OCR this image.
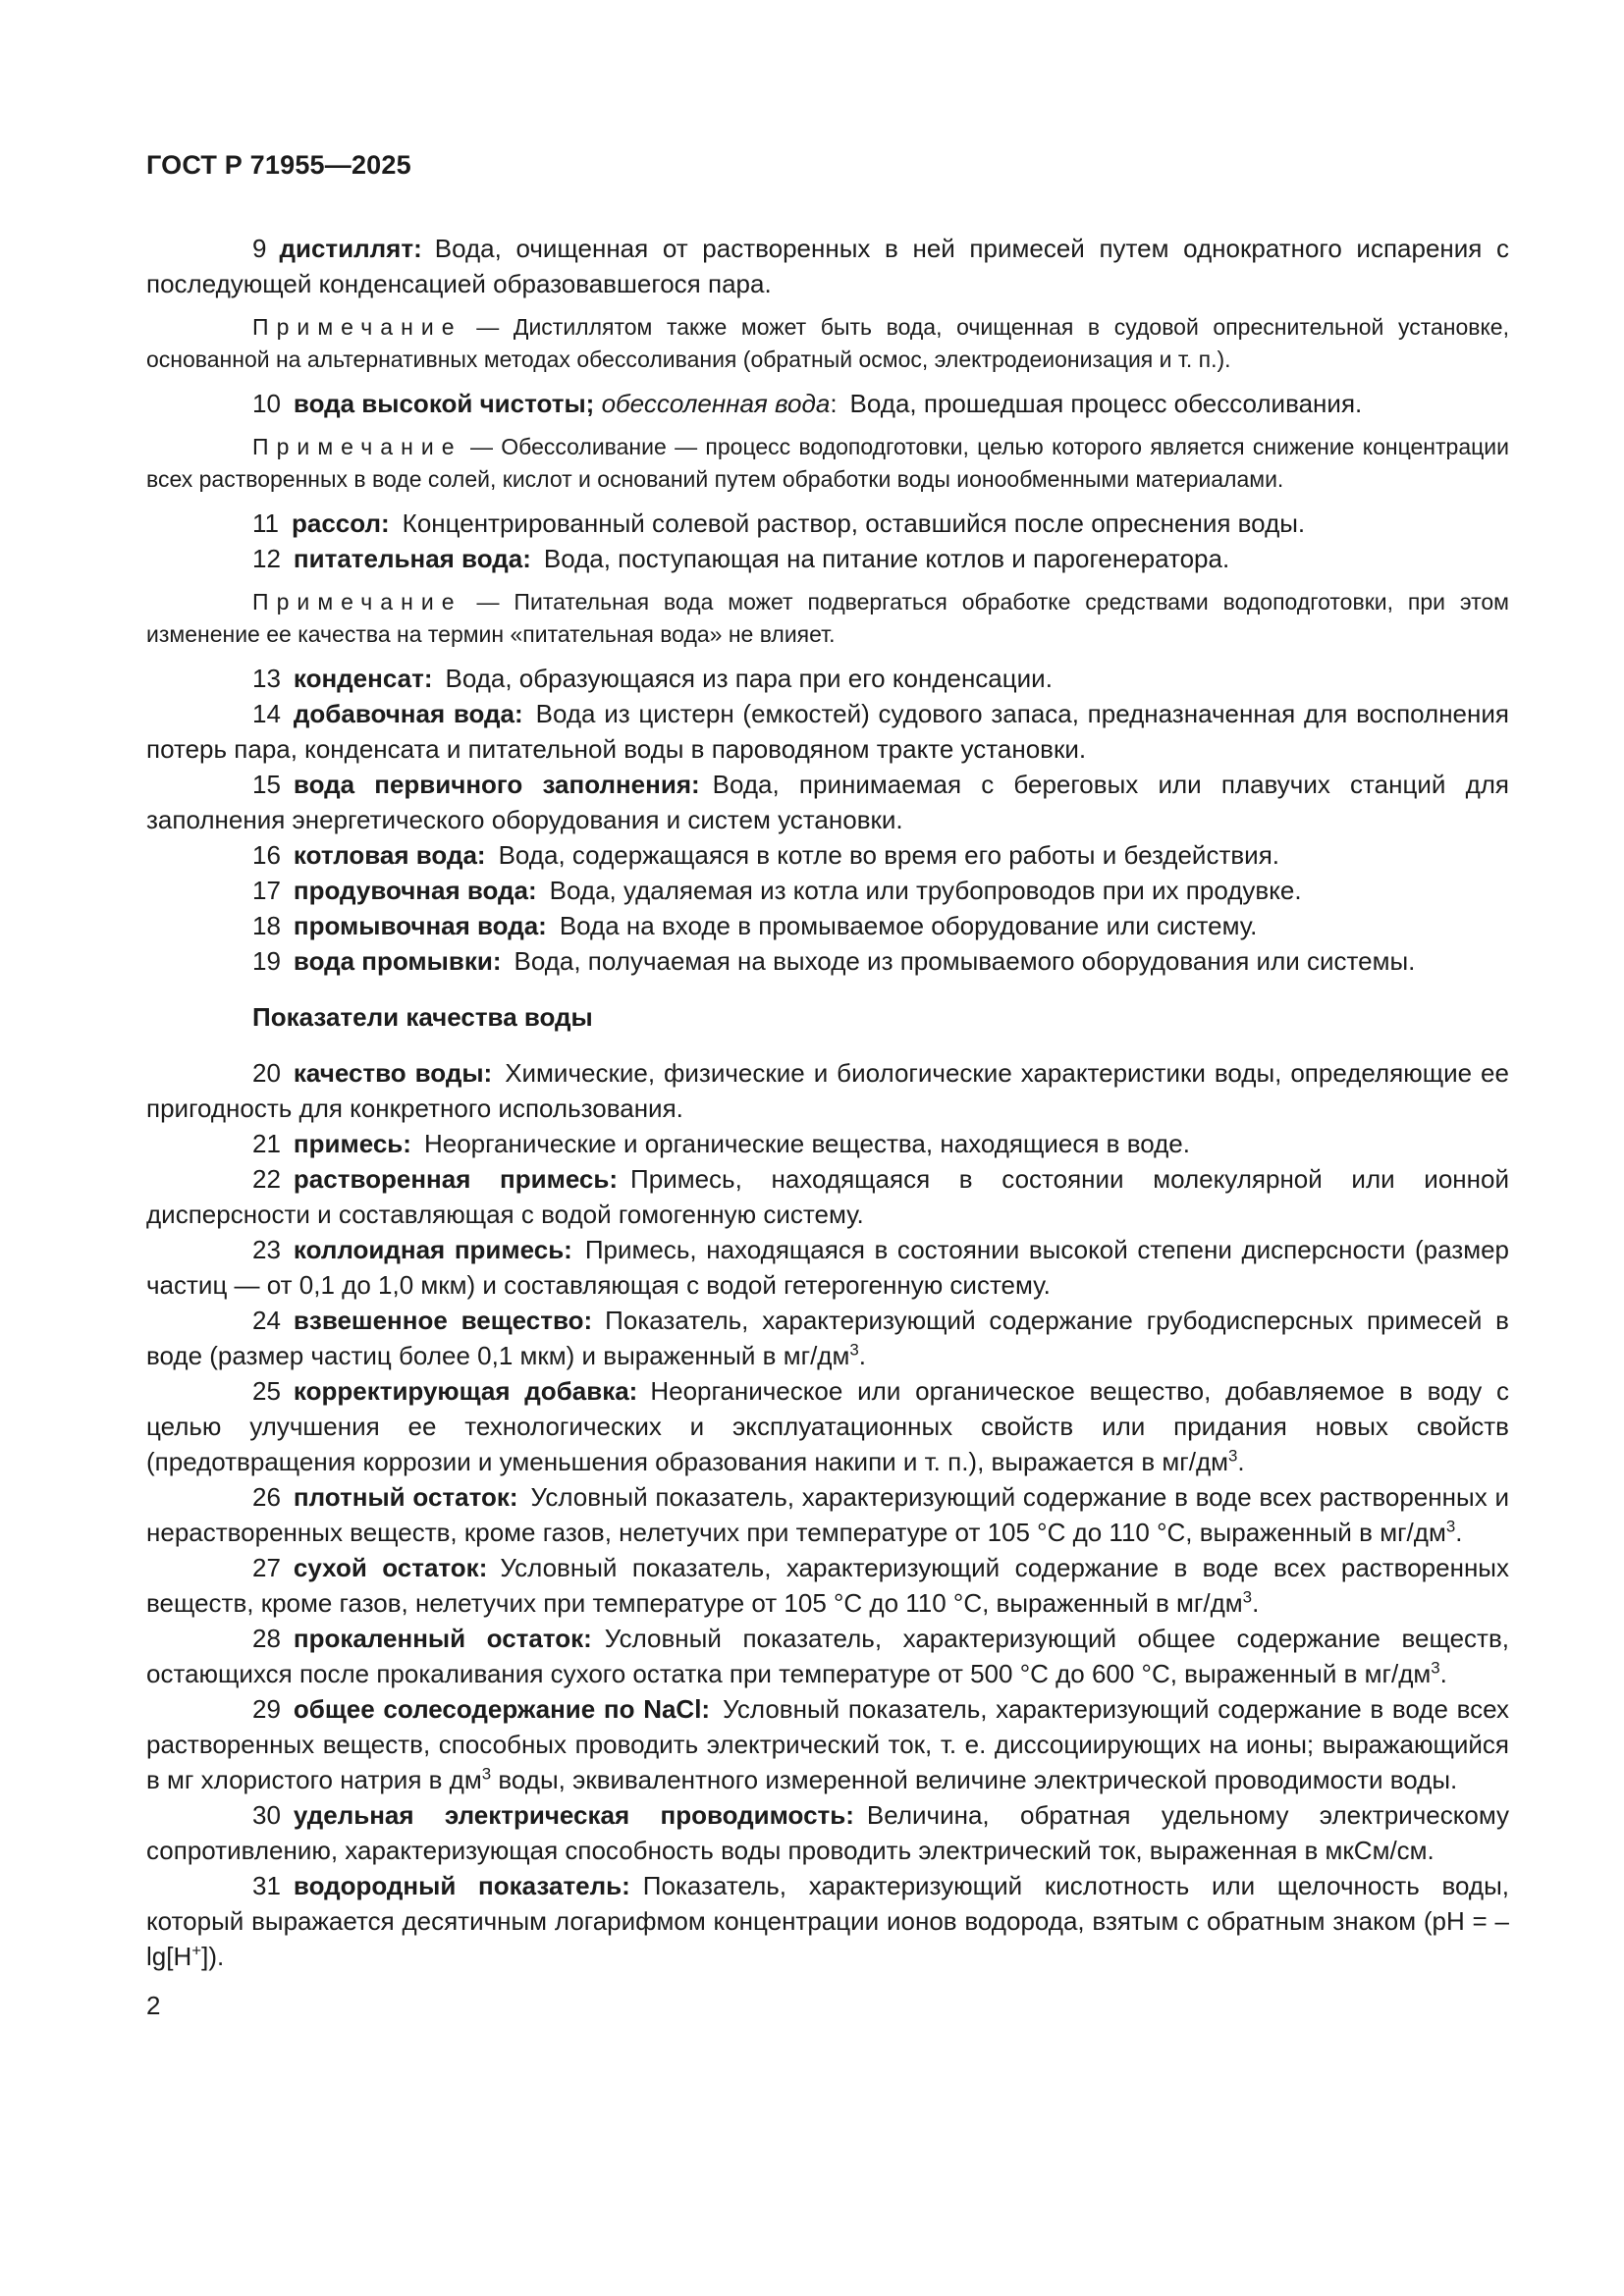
ГОСТ Р 71955—2025

9 дистиллят: Вода, очищенная от растворенных в ней примесей путем однократного испарения с последующей конденсацией образовавшегося пара.

Примечание — Дистиллятом также может быть вода, очищенная в судовой опреснительной установке, основанной на альтернативных методах обессоливания (обратный осмос, электродеионизация и т. п.).

10 вода высокой чистоты; обессоленная вода: Вода, прошедшая процесс обессоливания.

Примечание — Обессоливание — процесс водоподготовки, целью которого является снижение концентрации всех растворенных в воде солей, кислот и оснований путем обработки воды ионообменными материалами.

11 рассол: Концентрированный солевой раствор, оставшийся после опреснения воды.

12 питательная вода: Вода, поступающая на питание котлов и парогенератора.

Примечание — Питательная вода может подвергаться обработке средствами водоподготовки, при этом изменение ее качества на термин «питательная вода» не влияет.

13 конденсат: Вода, образующаяся из пара при его конденсации.

14 добавочная вода: Вода из цистерн (емкостей) судового запаса, предназначенная для восполнения потерь пара, конденсата и питательной воды в пароводяном тракте установки.

15 вода первичного заполнения: Вода, принимаемая с береговых или плавучих станций для заполнения энергетического оборудования и систем установки.

16 котловая вода: Вода, содержащаяся в котле во время его работы и бездействия.

17 продувочная вода: Вода, удаляемая из котла или трубопроводов при их продувке.

18 промывочная вода: Вода на входе в промываемое оборудование или систему.

19 вода промывки: Вода, получаемая на выходе из промываемого оборудования или системы.

Показатели качества воды

20 качество воды: Химические, физические и биологические характеристики воды, определяющие ее пригодность для конкретного использования.

21 примесь: Неорганические и органические вещества, находящиеся в воде.

22 растворенная примесь: Примесь, находящаяся в состоянии молекулярной или ионной дисперсности и составляющая с водой гомогенную систему.

23 коллоидная примесь: Примесь, находящаяся в состоянии высокой степени дисперсности (размер частиц — от 0,1 до 1,0 мкм) и составляющая с водой гетерогенную систему.

24 взвешенное вещество: Показатель, характеризующий содержание грубодисперсных примесей в воде (размер частиц более 0,1 мкм) и выраженный в $мг/дм^3$.

25 корректирующая добавка: Неорганическое или органическое вещество, добавляемое в воду с целью улучшения ее технологических и эксплуатационных свойств или придания новых свойств (предотвращения коррозии и уменьшения образования накипи и т. п.), выражается в $мг/дм^3$.

26 плотный остаток: Условный показатель, характеризующий содержание в воде всех растворенных и нерастворенных веществ, кроме газов, нелетучих при температуре от 105 °С до 110 °С, выраженный в $мг/дм^3$.

27 сухой остаток: Условный показатель, характеризующий содержание в воде всех растворенных веществ, кроме газов, нелетучих при температуре от 105 °С до 110 °С, выраженный в $мг/дм^3$.

28 прокаленный остаток: Условный показатель, характеризующий общее содержание веществ, остающихся после прокаливания сухого остатка при температуре от 500 °С до 600 °С, выраженный в $мг/дм^3$.

29 общее солесодержание по NaCl: Условный показатель, характеризующий содержание в воде всех растворенных веществ, способных проводить электрический ток, т. е. диссоциирующих на ионы; выражающийся в мг хлористого натрия в $дм^3$ воды, эквивалентного измеренной величине электрической проводимости воды.

30 удельная электрическая проводимость: Величина, обратная удельному электрическому сопротивлению, характеризующая способность воды проводить электрический ток, выраженная в мкСм/см.

31 водородный показатель: Показатель, характеризующий кислотность или щелочность воды, который выражается десятичным логарифмом концентрации ионов водорода, взятым с обратным знаком (pH = –lg[H+]).

2
